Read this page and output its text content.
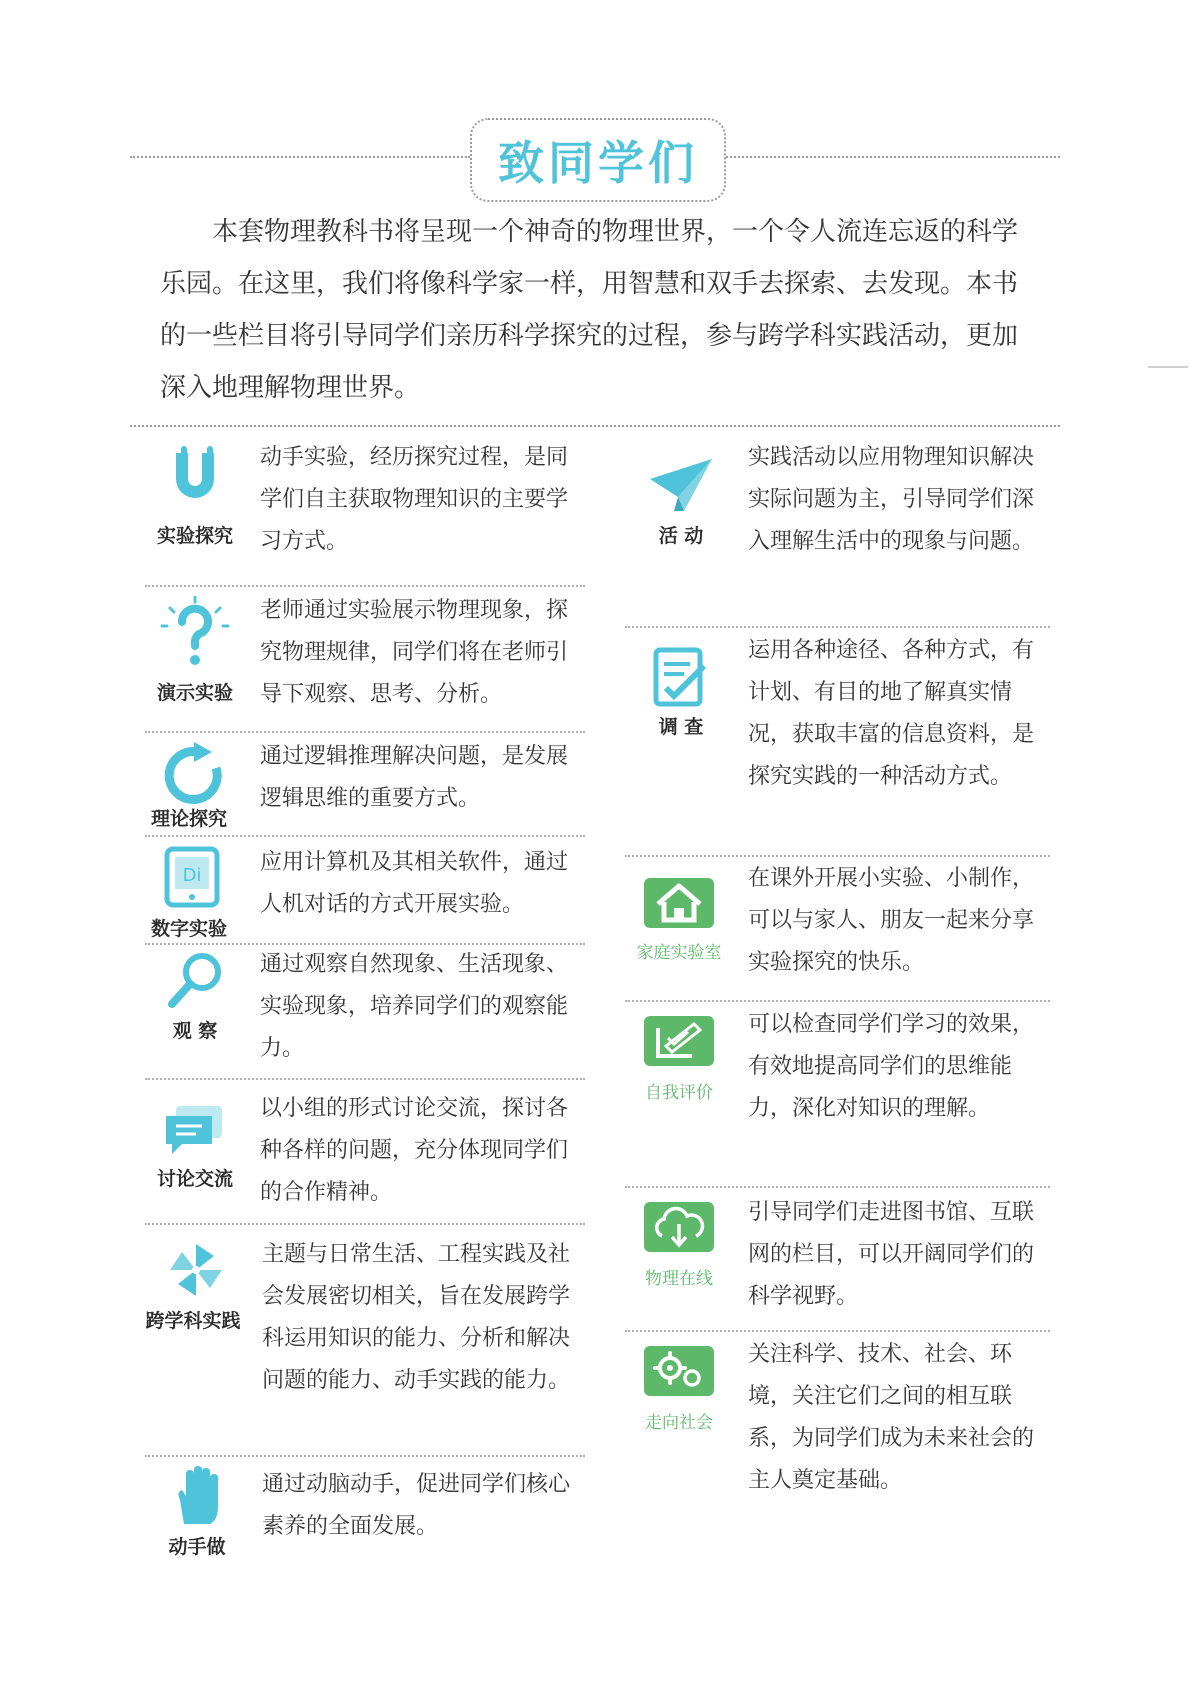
致同学们

本套物理教科书将呈现一个神奇的物理世界，一个令人流连忘返的科学乐园。在这里，我们将像科学家一样，用智慧和双手去探索、去发现。本书的一些栏目将引导同学们亲历科学探究的过程，参与跨学科实践活动，更加深入地理解物理世界。

实验探究

动手实验，经历探究过程，是同学们自主获取物理知识的主要学习方式。

演示实验

老师通过实验展示物理现象，探究物理规律，同学们将在老师引导下观察、思考、分析。

理论探究

通过逻辑推理解决问题，是发展逻辑思维的重要方式。

Di
数字实验

应用计算机及其相关软件，通过人机对话的方式开展实验。

观 察

通过观察自然现象、生活现象、实验现象，培养同学们的观察能力。

讨论交流

以小组的形式讨论交流，探讨各种各样的问题，充分体现同学们的合作精神。

跨学科实践

主题与日常生活、工程实践及社会发展密切相关，旨在发展跨学科运用知识的能力、分析和解决问题的能力、动手实践的能力。

动手做

通过动脑动手，促进同学们核心素养的全面发展。

活 动

实践活动以应用物理知识解决实际问题为主，引导同学们深入理解生活中的现象与问题。

调 查

运用各种途径、各种方式，有计划、有目的地了解真实情况，获取丰富的信息资料，是探究实践的一种活动方式。

家庭实验室

在课外开展小实验、小制作，可以与家人、朋友一起来分享实验探究的快乐。

自我评价

可以检查同学们学习的效果，有效地提高同学们的思维能力，深化对知识的理解。

物理在线

引导同学们走进图书馆、互联网的栏目，可以开阔同学们的科学视野。

走向社会

关注科学、技术、社会、环境，关注它们之间的相互联系，为同学们成为未来社会的主人奠定基础。
